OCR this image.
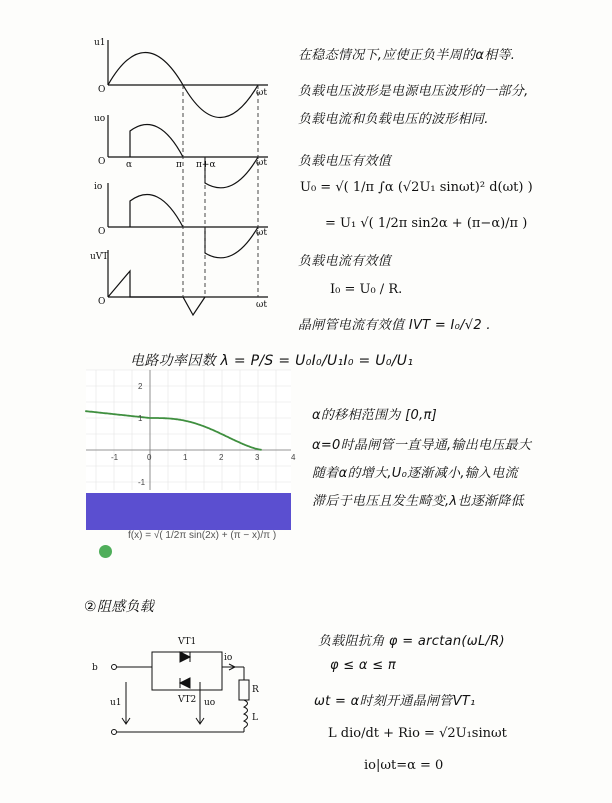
u1
O	ωt
uo
O α	π π+α	ωt
io
O	ωt
uVT
O	ωt
在稳态情况下,应使正负半周的α相等.
负载电压波形是电源电压波形的一部分,
负载电流和负载电压的波形相同.
负载电压有效值
U₀ = √( 1/π ∫α (√2U₁ sinωt)² d(ωt) )
= U₁ √( 1/2π sin2α + (π−α)/π )
负载电流有效值
I₀ = U₀ / R.
晶闸管电流有效值 IVT = I₀/√2 .
电路功率因数 λ = P/S = U₀I₀/U₁I₀ = U₀/U₁
-1	0	1	2	3	4
2
1
-1
f(x) = √( 1/2π sin(2x) + (π − x)/π )
α的移相范围为 [0,π]
α=0时晶闸管一直导通,输出电压最大
随着α的增大,U₀逐渐减小,输入电流
滞后于电压且发生畸变,λ也逐渐降低
②阻感负载
VT1
VT2
io
u1	uo
R
L
b
负载阻抗角 φ = arctan(ωL/R)
φ ≤ α ≤ π
ωt = α时刻开通晶闸管VT₁
L dio/dt + Rio = √2U₁sinωt
io|ωt=α = 0
